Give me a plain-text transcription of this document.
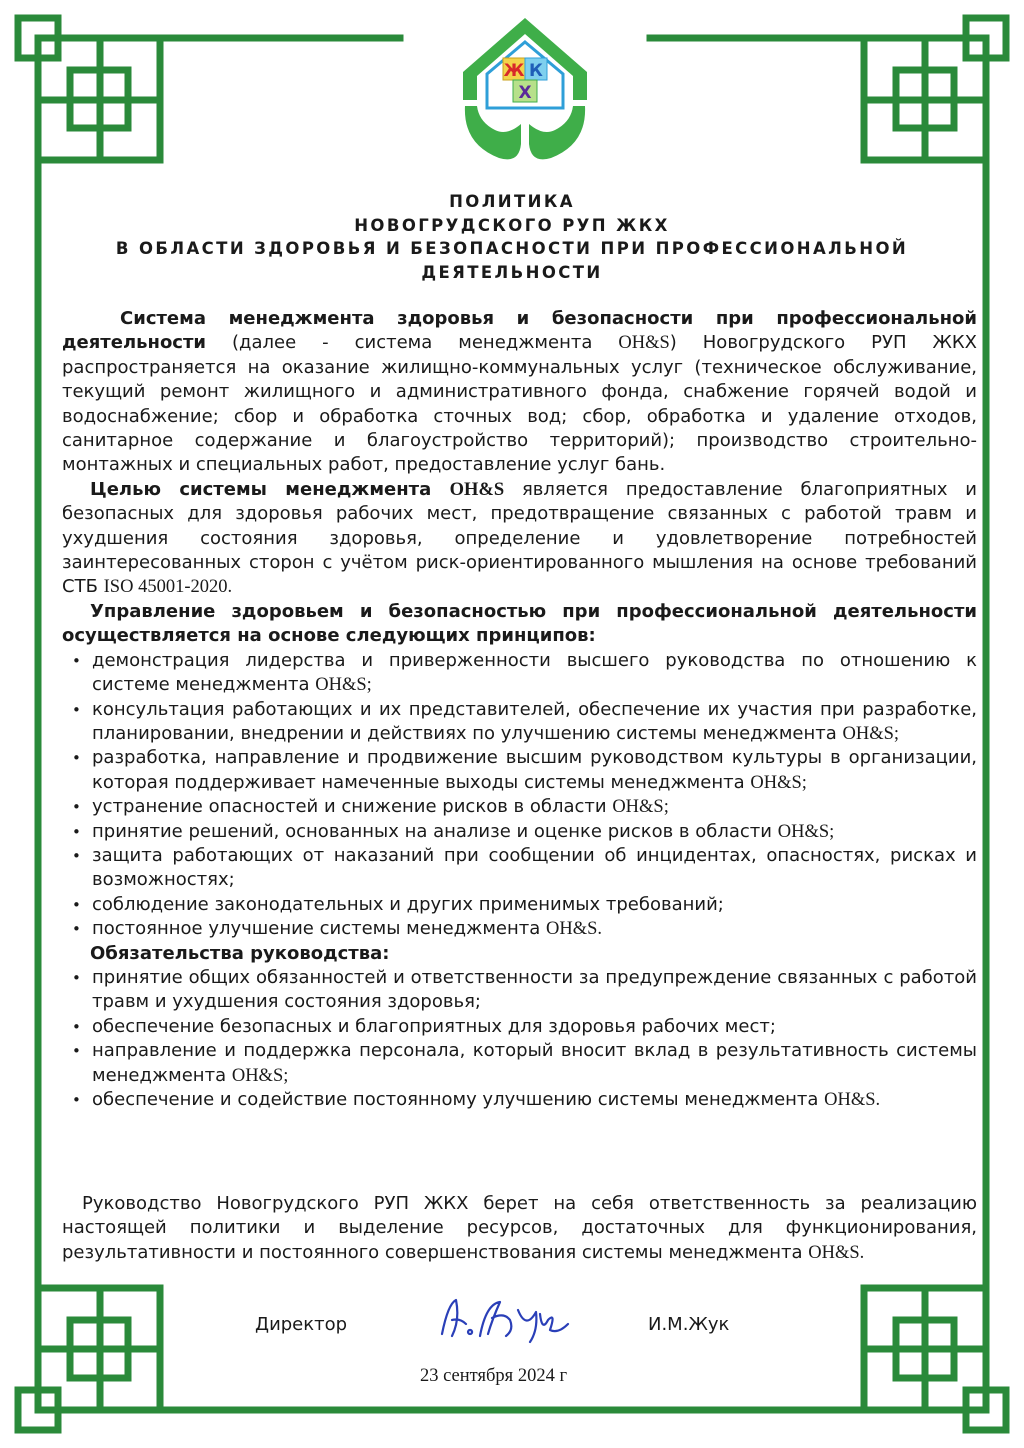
Ж К
Х
ПОЛИТИКА
НОВОГРУДСКОГО РУП ЖКХ
В ОБЛАСТИ ЗДОРОВЬЯ И БЕЗОПАСНОСТИ ПРИ ПРОФЕССИОНАЛЬНОЙ
ДЕЯТЕЛЬНОСТИ

Система менеджмента здоровья и безопасности при профессиональной деятельности (далее - система менеджмента OH&S) Новогрудского РУП ЖКХ распространяется на оказание жилищно-коммунальных услуг (техническое обслуживание, текущий ремонт жилищного и административного фонда, снабжение горячей водой и водоснабжение; сбор и обработка сточных вод; сбор, обработка и удаление отходов, санитарное содержание и благоустройство территорий); производство строительно-монтажных и специальных работ, предоставление услуг бань.

Целью системы менеджмента OH&S является предоставление благоприятных и безопасных для здоровья рабочих мест, предотвращение связанных с работой травм и ухудшения состояния здоровья, определение и удовлетворение потребностей заинтересованных сторон с учётом риск-ориентированного мышления на основе требований СТБ ISO 45001-2020.

Управление здоровьем и безопасностью при профессиональной деятельности осуществляется на основе следующих принципов:

• демонстрация лидерства и приверженности высшего руководства по отношению к системе менеджмента OH&S;
• консультация работающих и их представителей, обеспечение их участия при разработке, планировании, внедрении и действиях по улучшению системы менеджмента OH&S;
• разработка, направление и продвижение высшим руководством культуры в организации, которая поддерживает намеченные выходы системы менеджмента OH&S;
• устранение опасностей и снижение рисков в области OH&S;
• принятие решений, основанных на анализе и оценке рисков в области OH&S;
• защита работающих от наказаний при сообщении об инцидентах, опасностях, рисках и возможностях;
• соблюдение законодательных и других применимых требований;
• постоянное улучшение системы менеджмента OH&S.
Обязательства руководства:
• принятие общих обязанностей и ответственности за предупреждение связанных с работой травм и ухудшения состояния здоровья;
• обеспечение безопасных и благоприятных для здоровья рабочих мест;
• направление и поддержка персонала, который вносит вклад в результативность системы менеджмента OH&S;
• обеспечение и содействие постоянному улучшению системы менеджмента OH&S.

Руководство Новогрудского РУП ЖКХ берет на себя ответственность за реализацию настоящей политики и выделение ресурсов, достаточных для функционирования, результативности и постоянного совершенствования системы менеджмента OH&S.

Директор	И.М.Жук
23 сентября 2024 г
